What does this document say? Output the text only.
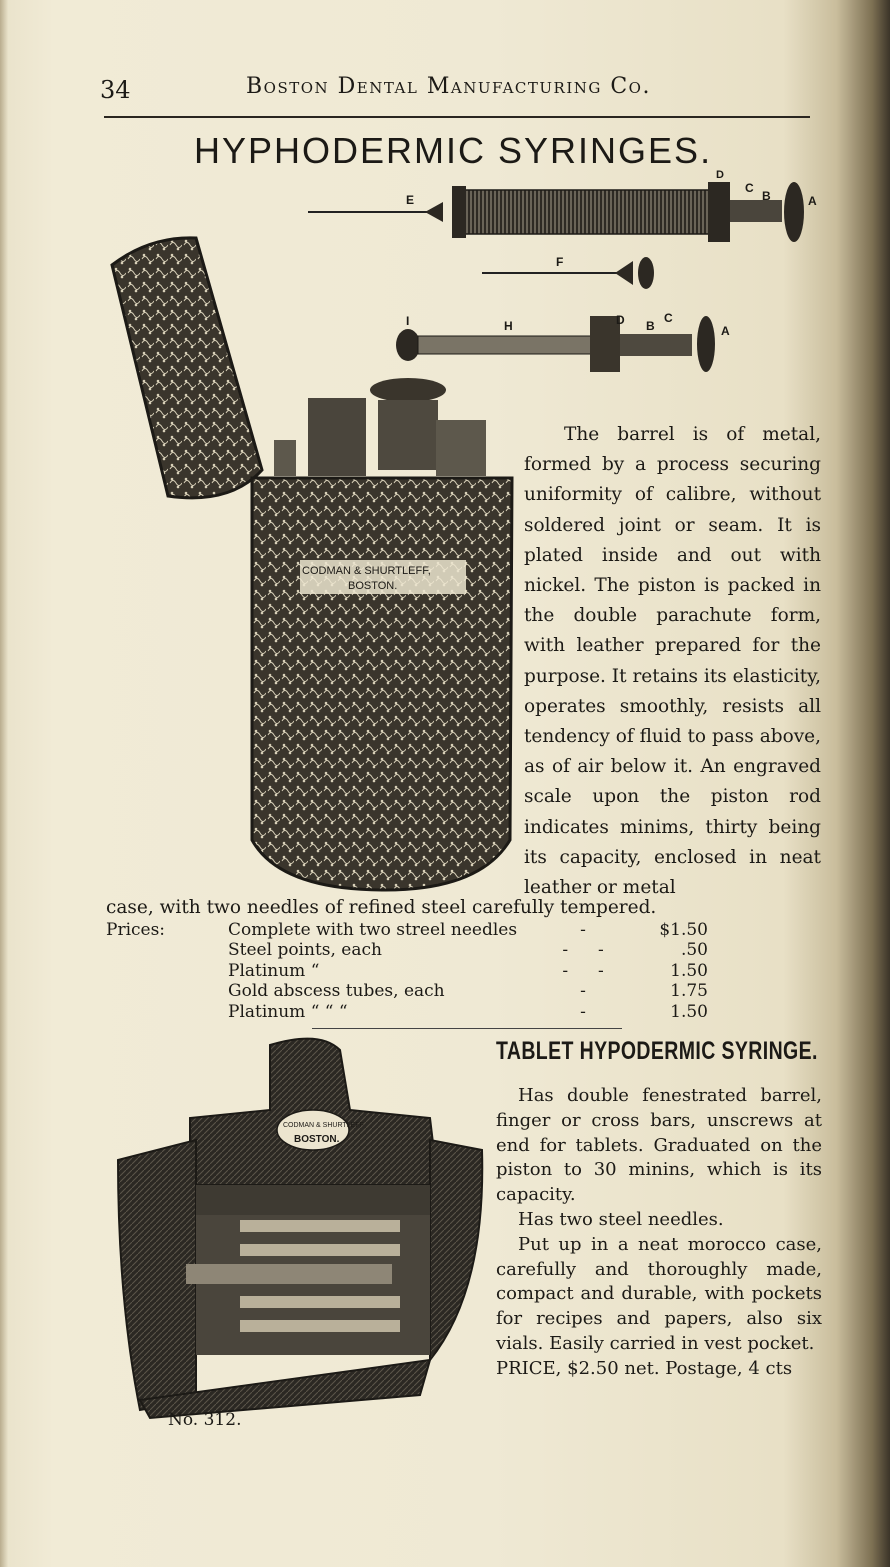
34	Boston Dental Manufacturing Co.
HYPHODERMIC SYRINGES.
E
D
C
B	A
F
I	H	D B
C
A
CODMAN & SHURTLEFF,
BOSTON.
CODMAN & SHURTLEFF
BOSTON.

The barrel is of metal, formed by a process securing uniformity of calibre, without soldered joint or seam. It is plated inside and out with nickel. The piston is packed in the double parachute form, with leather prepared for the purpose. It retains its elasticity, operates smoothly, resists all tendency of fluid to pass above, as of air below it. An engraved scale upon the piston rod indicates minims, thirty being its capacity, enclosed in neat leather or metal

case, with two needles of refined steel carefully tempered.
Prices:	Complete with two streel needles	-	$1.50
	Steel points, each	- -	.50
	Platinum “	- -	1.50
	Gold abscess tubes, each	-	1.75
	Platinum “ “ “	-	1.50
TABLET HYPODERMIC SYRINGE.

Has double fenestrated barrel, finger or cross bars, unscrews at end for tablets. Graduated on the piston to 30 minins, which is its capacity.

Has two steel needles.

Put up in a neat morocco case, carefully and thoroughly made, compact and durable, with pockets for recipes and papers, also six vials. Easily carried in vest pocket.

PRICE, $2.50 net. Postage, 4 cts

No. 312.
